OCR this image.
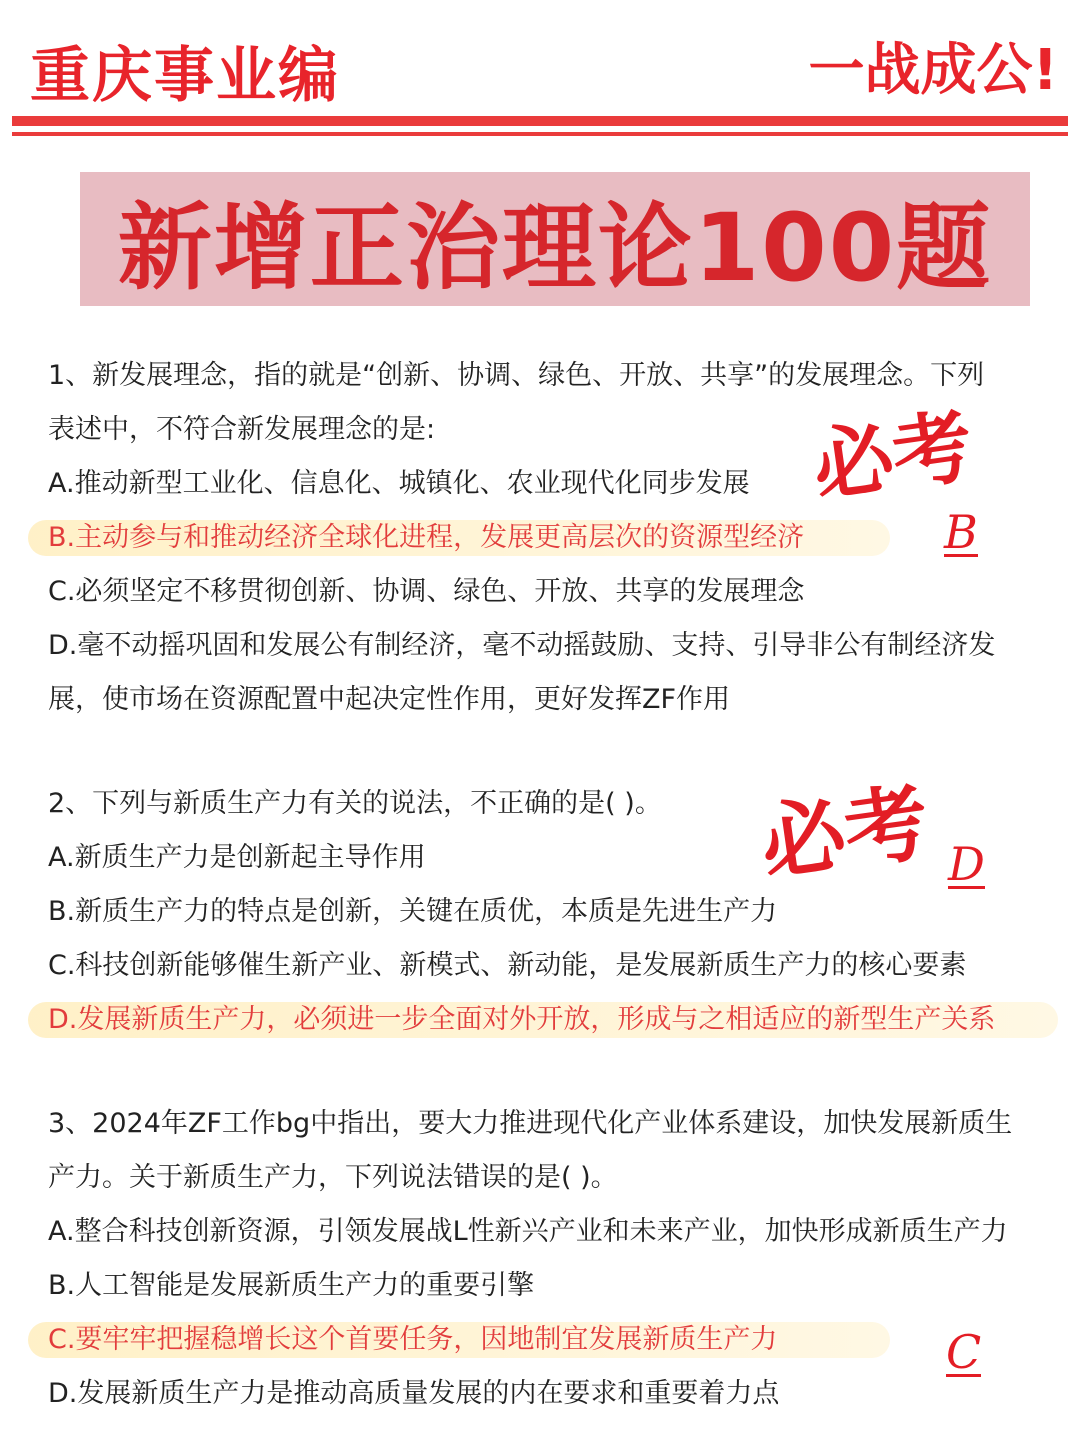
重庆事业编	一战成公!
新增正治理论100题
1、新发展理念，指的就是“创新、协调、绿色、开放、共享”的发展理念。下列
表述中，不符合新发展理念的是:
A.推动新型工业化、信息化、城镇化、农业现代化同步发展
B.主动参与和推动经济全球化进程，发展更高层次的资源型经济
C.必须坚定不移贯彻创新、协调、绿色、开放、共享的发展理念
D.毫不动摇巩固和发展公有制经济，毫不动摇鼓励、支持、引导非公有制经济发
展，使市场在资源配置中起决定性作用，更好发挥ZF作用
必考
B
2、下列与新质生产力有关的说法，不正确的是( )。
A.新质生产力是创新起主导作用
B.新质生产力的特点是创新，关键在质优，本质是先进生产力
C.科技创新能够催生新产业、新模式、新动能，是发展新质生产力的核心要素
D.发展新质生产力，必须进一步全面对外开放，形成与之相适应的新型生产关系
必考 D
3、2024年ZF工作bg中指出，要大力推进现代化产业体系建设，加快发展新质生
产力。关于新质生产力，下列说法错误的是( )。
A.整合科技创新资源，引领发展战L性新兴产业和未来产业，加快形成新质生产力
B.人工智能是发展新质生产力的重要引擎
C.要牢牢把握稳增长这个首要任务，因地制宜发展新质生产力
D.发展新质生产力是推动高质量发展的内在要求和重要着力点
C
